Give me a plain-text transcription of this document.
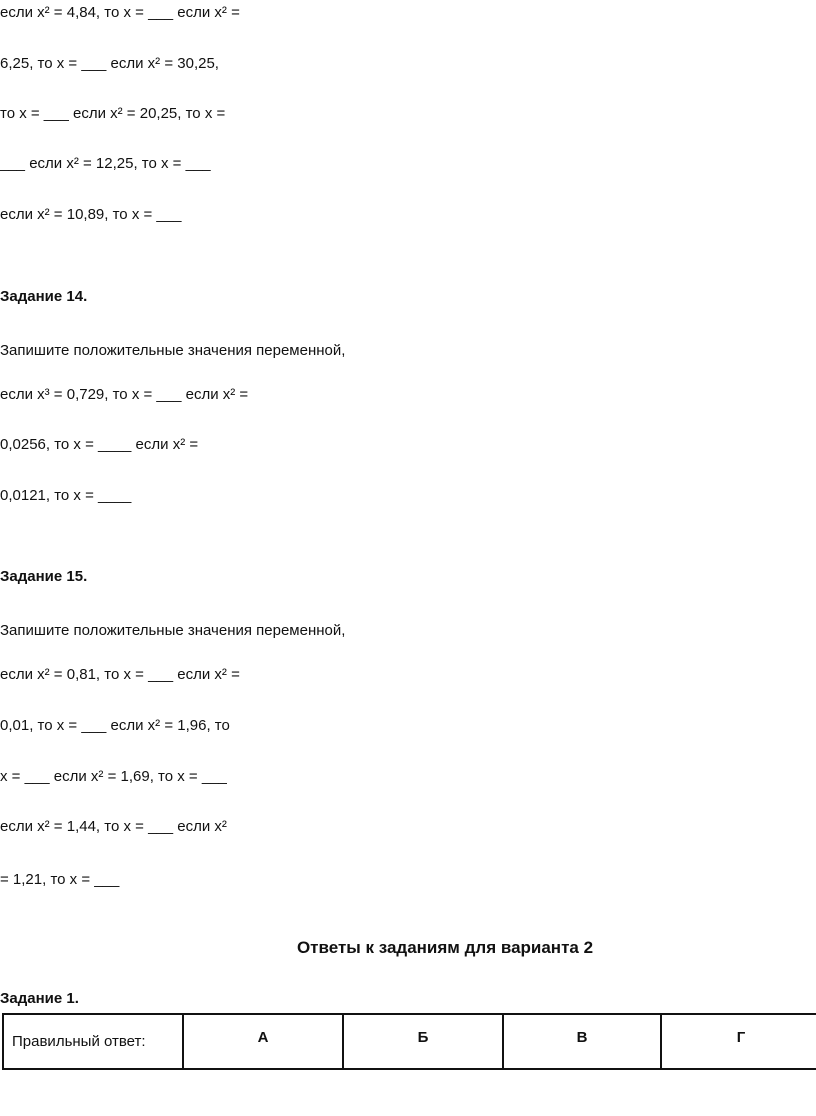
если x² = 4,84, то x = ___ если x² =
6,25, то x = ___ если x² = 30,25,
то x = ___ если x² = 20,25, то x =
___ если x² = 12,25, то x = ___
если x² = 10,89, то x = ___
Задание 14.
Запишите положительные значения переменной,
если x³ = 0,729, то x = ___ если x² =
0,0256, то x = ____ если x² =
0,0121, то x = ____
Задание 15.
Запишите положительные значения переменной,
если x² = 0,81, то x = ___ если x² =
0,01, то x = ___ если x² = 1,96, то
x = ___ если x² = 1,69, то x = ___
если x² = 1,44, то x = ___ если x²
= 1,21, то x = ___
Ответы к заданиям для варианта 2
Задание 1.
Правильный ответ:	А	Б	В	Г
